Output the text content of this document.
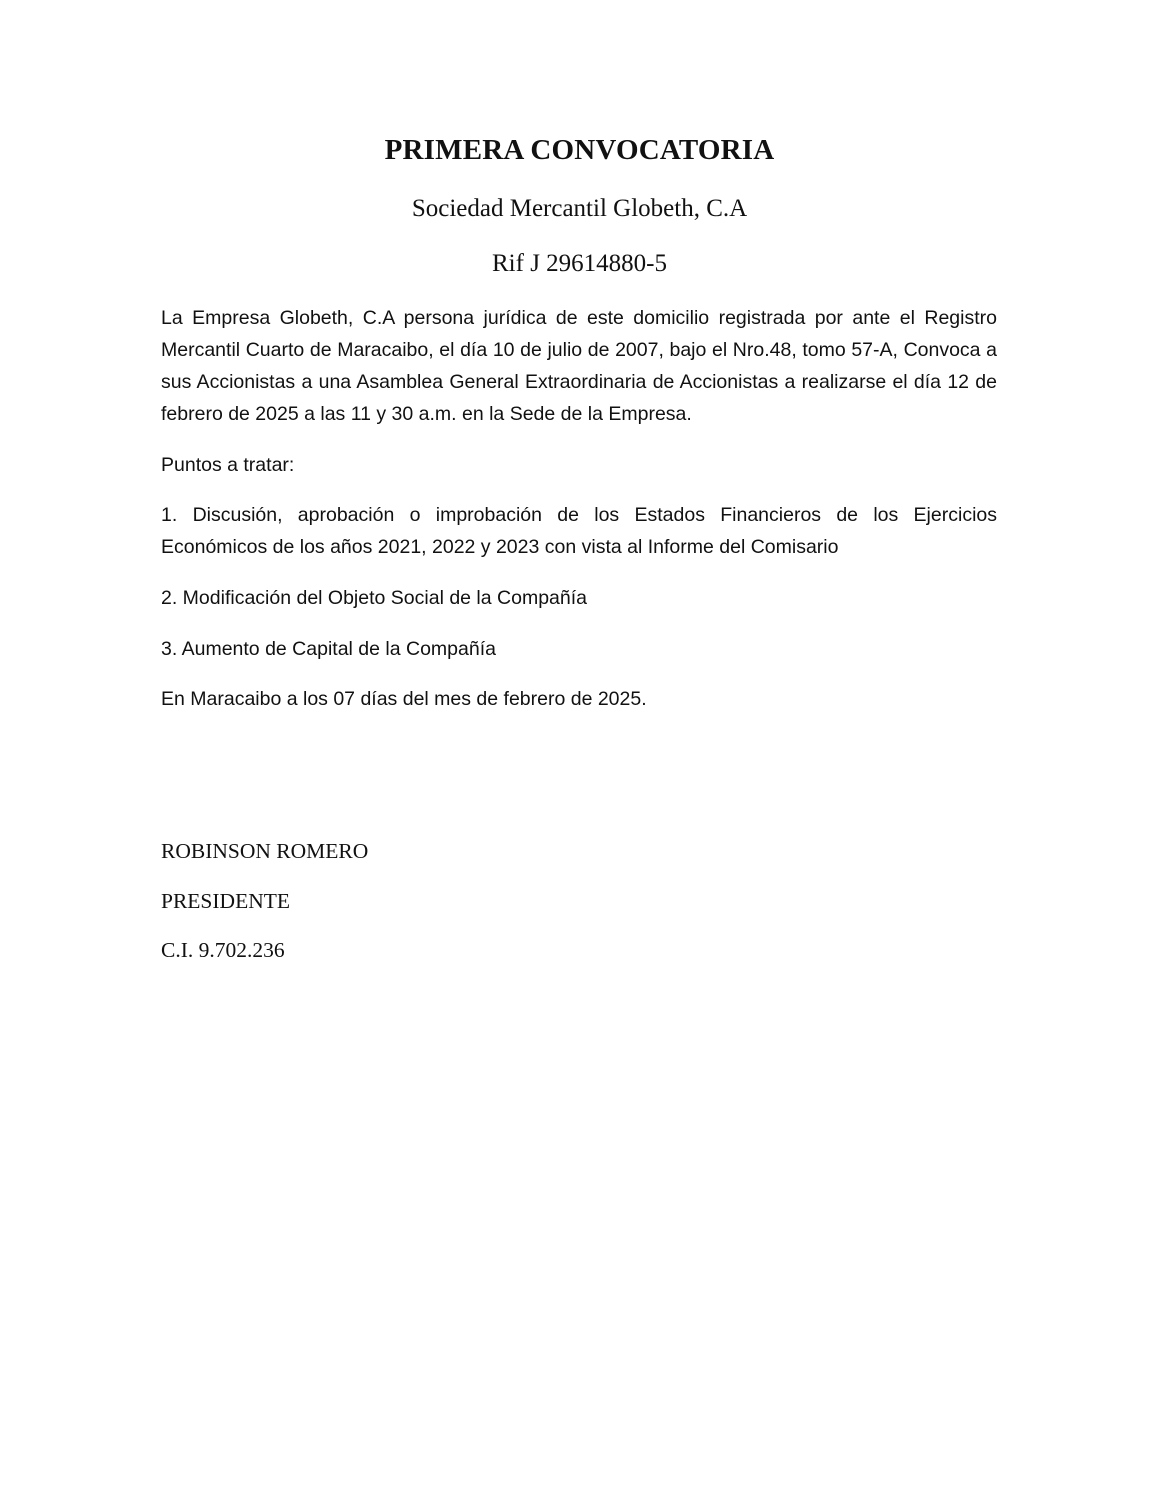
PRIMERA CONVOCATORIA

Sociedad Mercantil Globeth, C.A

Rif J 29614880-5

La Empresa Globeth, C.A persona jurídica de este domicilio registrada por ante el Registro Mercantil Cuarto de Maracaibo, el día 10 de julio de 2007, bajo el Nro.48, tomo 57-A, Convoca a sus Accionistas a una Asamblea General Extraordinaria de Accionistas a realizarse el día 12 de febrero de 2025 a las 11 y 30 a.m. en la Sede de la Empresa.

Puntos a tratar:

1. Discusión, aprobación o improbación de los Estados Financieros de los Ejercicios Económicos de los años 2021, 2022 y 2023 con vista al Informe del Comisario

2. Modificación del Objeto Social de la Compañía

3. Aumento de Capital de la Compañía

En Maracaibo a los 07 días del mes de febrero de 2025.

ROBINSON ROMERO

PRESIDENTE

C.I. 9.702.236
